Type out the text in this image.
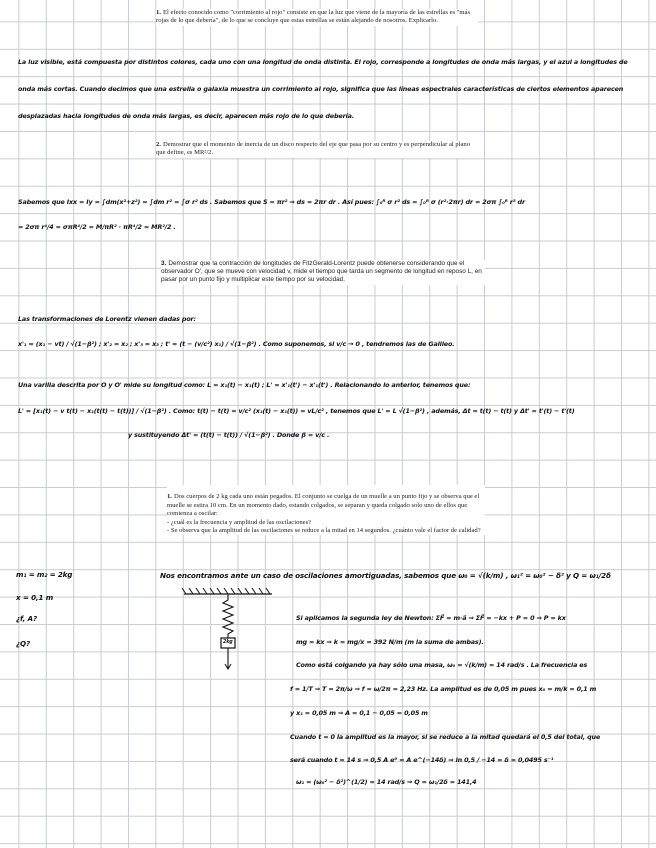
1. El efecto conocido como "corrimiento al rojo" consiste en que la luz que viene de la mayoría de las estrellas es "más rojas de lo que debería", de lo que se concluye que estas estrellas se están alejando de nosotros. Explicarlo.
La luz visible, está compuesta por distintos colores, cada uno con una longitud de onda distinta. El rojo, corresponde a longitudes de onda más largas, y el azul a longitudes de
onda más cortas. Cuando decimos que una estrella o galaxia muestra un corrimiento al rojo, significa que las líneas espectrales características de ciertos elementos aparecen
desplazadas hacia longitudes de onda más largas, es decir, aparecen más rojo de lo que debería.
2. Demostrar que el momento de inercia de un disco respecto del eje que pasa por su centro y es perpendicular al plano que define, es MR²/2.
Sabemos que Ixx = Iy = ∫dm(x²+z²) = ∫dm r² = ∫σ r² ds . Sabemos que S = πr² ⇒ ds = 2πr dr . Así pues: ∫₀ᴿ σ r² ds = ∫₀ᴿ σ (r²·2πr) dr = 2σπ ∫₀ᴿ r³ dr
= 2σπ r⁴/4 = σπR⁴/2 = M/πR² · πR⁴/2 = MR²/2 .
3. Demostrar que la contracción de longitudes de FitzGerald-Lorentz puede obtenerse considerando que el observador O', que se mueve con velocidad v, mide el tiempo que tarda un segmento de longitud en reposo L, en pasar por un punto fijo y multiplicar este tiempo por su velocidad.
Las transformaciones de Lorentz vienen dadas por:
x'₁ = (x₁ − vt) / √(1−β²) ; x'₂ = x₂ ; x'₃ = x₃ ; t' = (t − (v/c²) x₁) / √(1−β²) . Como suponemos, si v/c → 0 , tendremos las de Galileo.
Una varilla descrita por O y O' mide su longitud como: L = x₁(t) − x₁(t) ; L' = x'₁(t') − x'₁(t') . Relacionando lo anterior, tenemos que:
L' = [x₁(t) − v t(t) − x₁(t(t) − t(t))] / √(1−β²) . Como: t(t) − t(t) = v/c² (x₁(t) − x₁(t)) = vL/c² , tenemos que L' = L √(1−β²) , además, Δt = t(t) − t(t) y Δt' = t'(t) − t'(t)
y sustituyendo Δt' = (t(t) − t(t)) / √(1−β²) . Donde β = v/c .

1. Dos cuerpos de 2 kg cada uno están pegados. El conjunto se cuelga de un muelle a un punto fijo y se observa que el muelle se estira 10 cm. En un momento dado, estando colgados, se separan y queda colgado solo uno de ellos que comienza a oscilar:
- ¿cuál es la frecuencia y amplitud de las oscilaciones?
- Se observa que la amplitud de las oscilaciones se reduce a la mitad en 14 segundos. ¿cuánto vale el factor de calidad?

m₁ = m₂ = 2kg
x = 0,1 m
¿f, A?
¿Q?	2kg
Nos encontramos ante un caso de oscilaciones amortiguadas, sabemos que ω₀ = √(k/m) , ω₁² = ω₀² − δ² y Q = ω₁/2δ
Si aplicamos la segunda ley de Newton: ΣF⃗ = m·a⃗ ⇒ ΣF⃗ = −kx + P = 0 ⇒ P = kx
mg = kx ⇒ k = mg/x = 392 N/m (m la suma de ambas).
Como está colgando ya hay sólo una masa, ω₀ = √(k/m) = 14 rad/s . La frecuencia es
f = 1/T ⇒ T = 2π/ω ⇒ f = ω/2π = 2,23 Hz. La amplitud es de 0,05 m pues x₀ = m/k = 0,1 m
y x₁ = 0,05 m ⇒ A = 0,1 − 0,05 = 0,05 m
Cuando t = 0 la amplitud es la mayor, si se reduce a la mitad quedará el 0,5 del total, que
será cuando t = 14 s ⇒ 0,5 A e⁰ = A e^(−14δ) ⇒ ln 0,5 / −14 = δ = 0,0495 s⁻¹
ω₁ = (ω₀² − δ²)^(1/2) = 14 rad/s ⇒ Q = ω₁/2δ = 141,4
